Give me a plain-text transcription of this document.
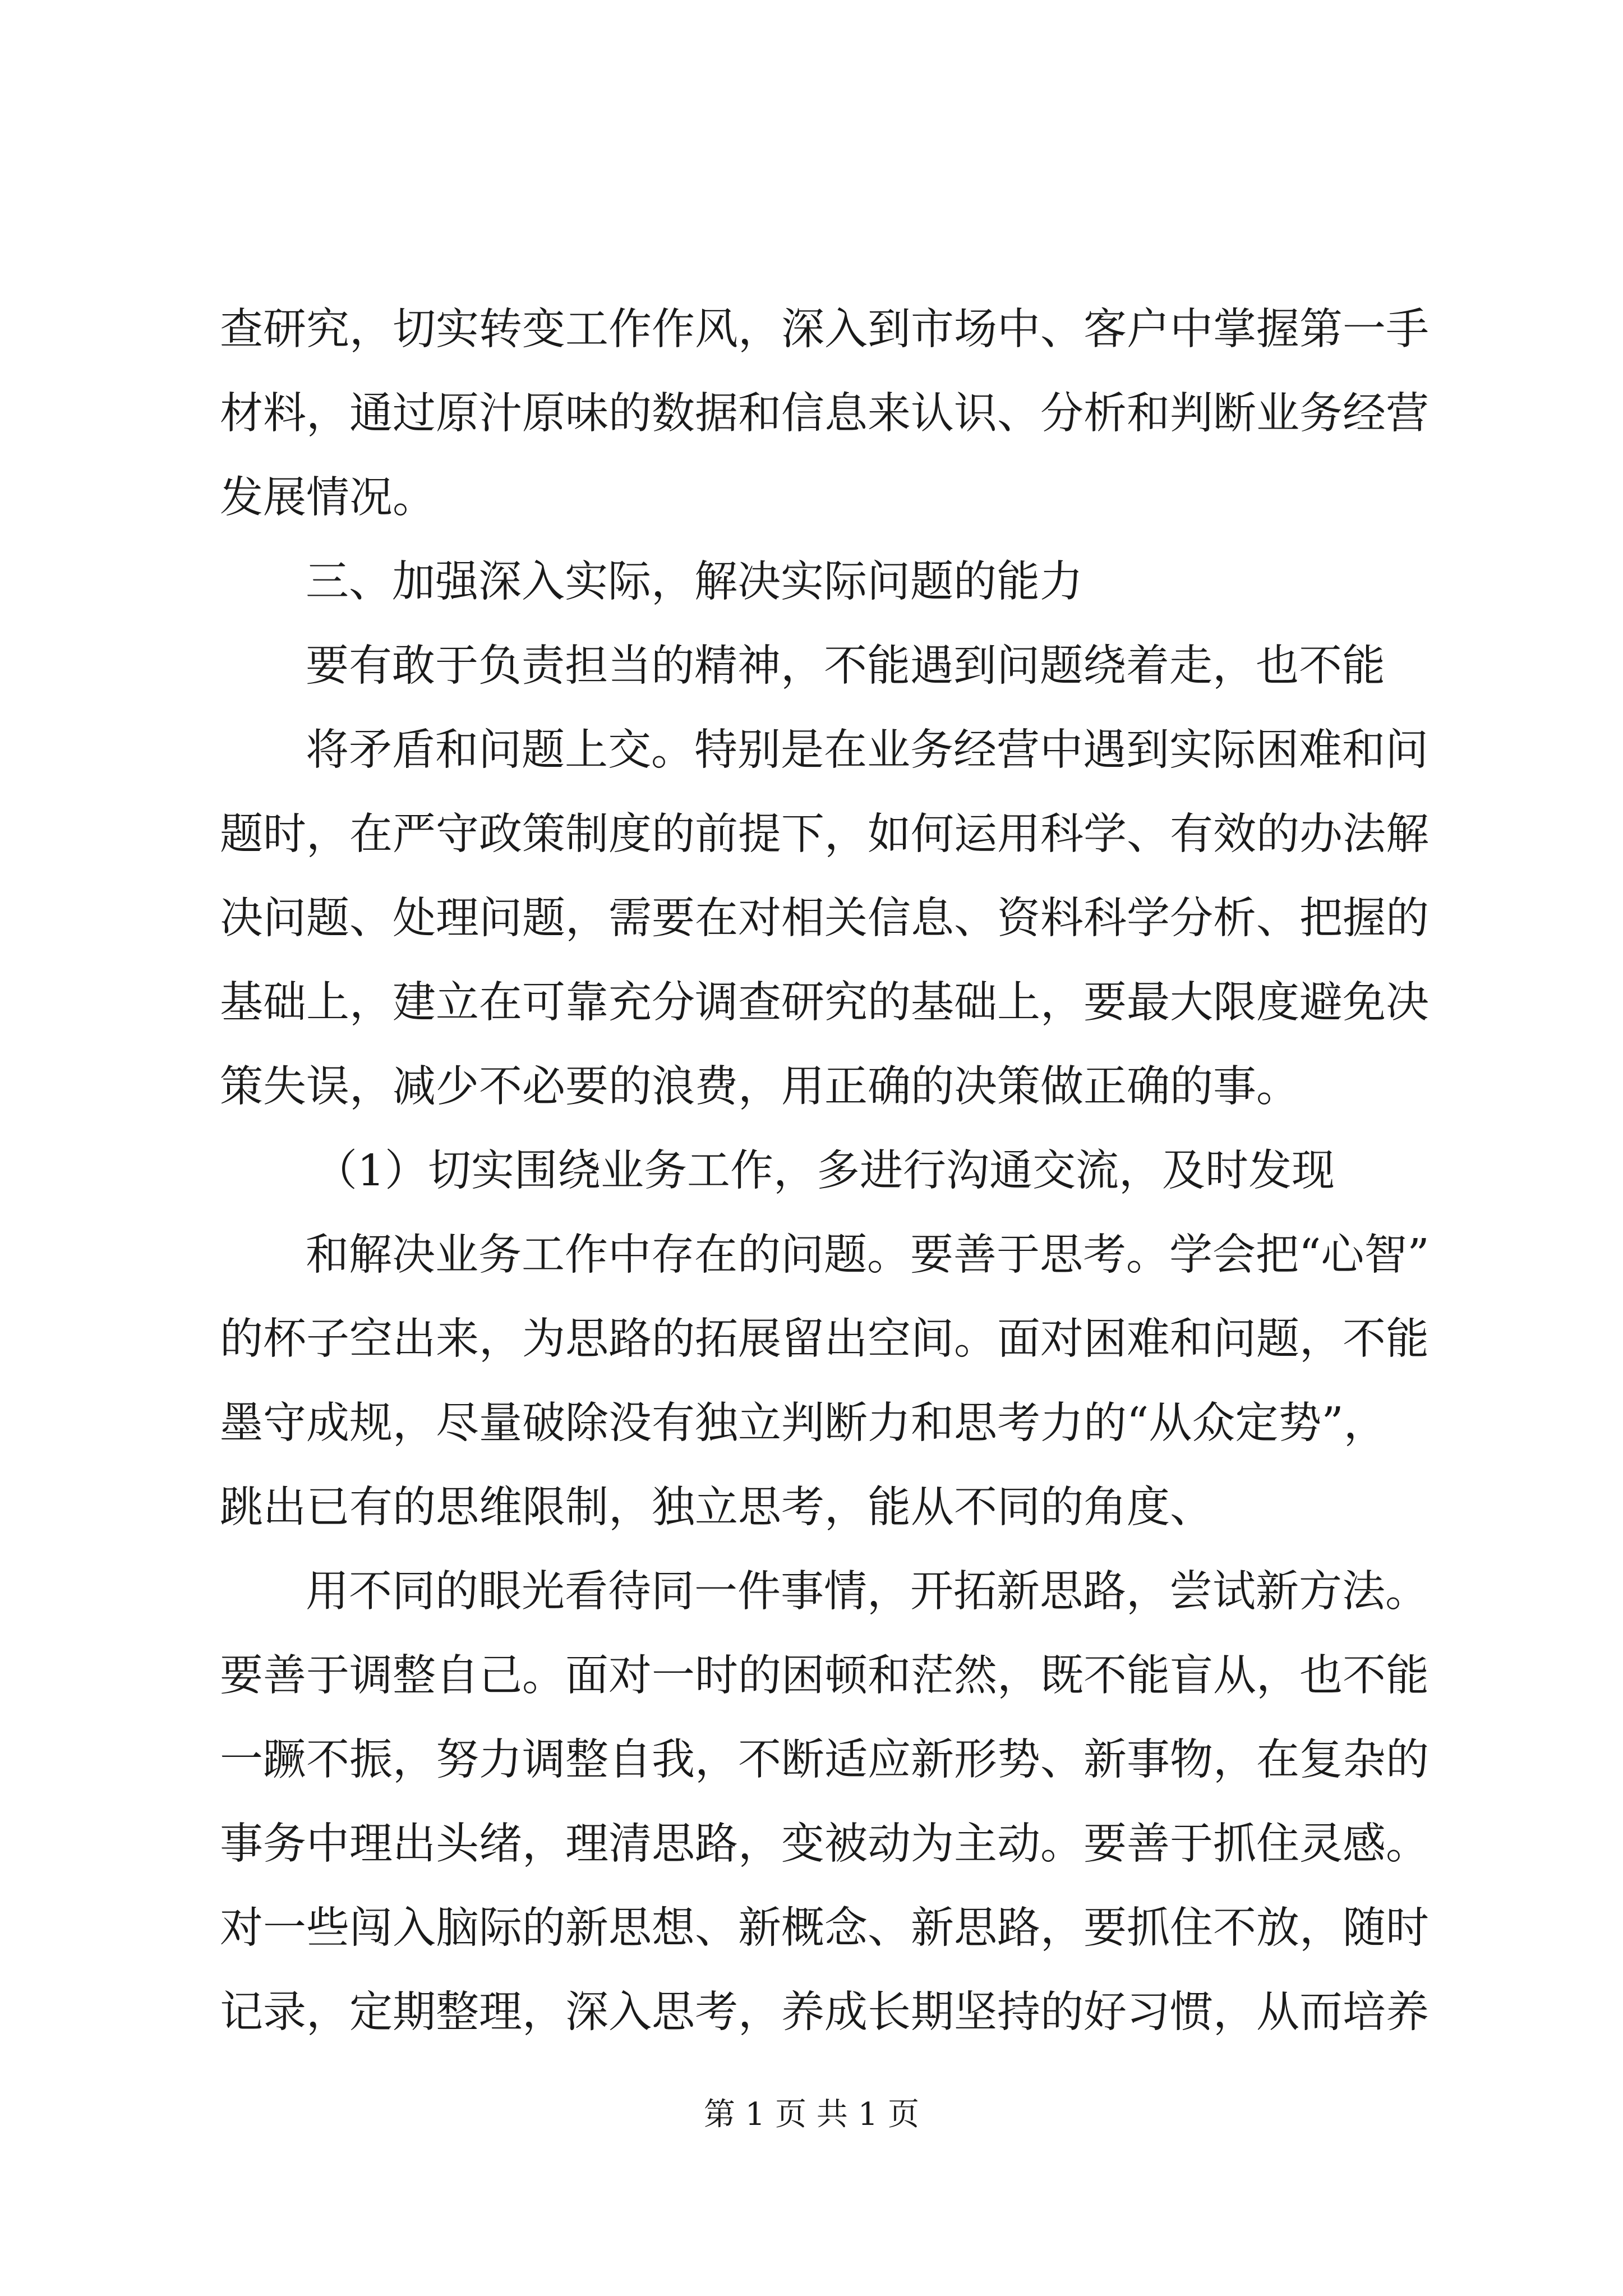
查研究，切实转变工作作风，深入到市场中、客户中掌握第一手

材料，通过原汁原味的数据和信息来认识、分析和判断业务经营

发展情况。

三、加强深入实际，解决实际问题的能力

要有敢于负责担当的精神，不能遇到问题绕着走，也不能

将矛盾和问题上交。特别是在业务经营中遇到实际困难和问

题时，在严守政策制度的前提下，如何运用科学、有效的办法解

决问题、处理问题，需要在对相关信息、资料科学分析、把握的

基础上，建立在可靠充分调查研究的基础上，要最大限度避免决

策失误，减少不必要的浪费，用正确的决策做正确的事。

（1）切实围绕业务工作，多进行沟通交流，及时发现

和解决业务工作中存在的问题。要善于思考。学会把“心智”

的杯子空出来，为思路的拓展留出空间。面对困难和问题，不能

墨守成规，尽量破除没有独立判断力和思考力的“从众定势”，

跳出已有的思维限制，独立思考，能从不同的角度、

用不同的眼光看待同一件事情，开拓新思路，尝试新方法。

要善于调整自己。面对一时的困顿和茫然，既不能盲从，也不能

一蹶不振，努力调整自我，不断适应新形势、新事物，在复杂的

事务中理出头绪，理清思路，变被动为主动。要善于抓住灵感。

对一些闯入脑际的新思想、新概念、新思路，要抓住不放，随时

记录，定期整理，深入思考，养成长期坚持的好习惯，从而培养

第 1 页 共 1 页
